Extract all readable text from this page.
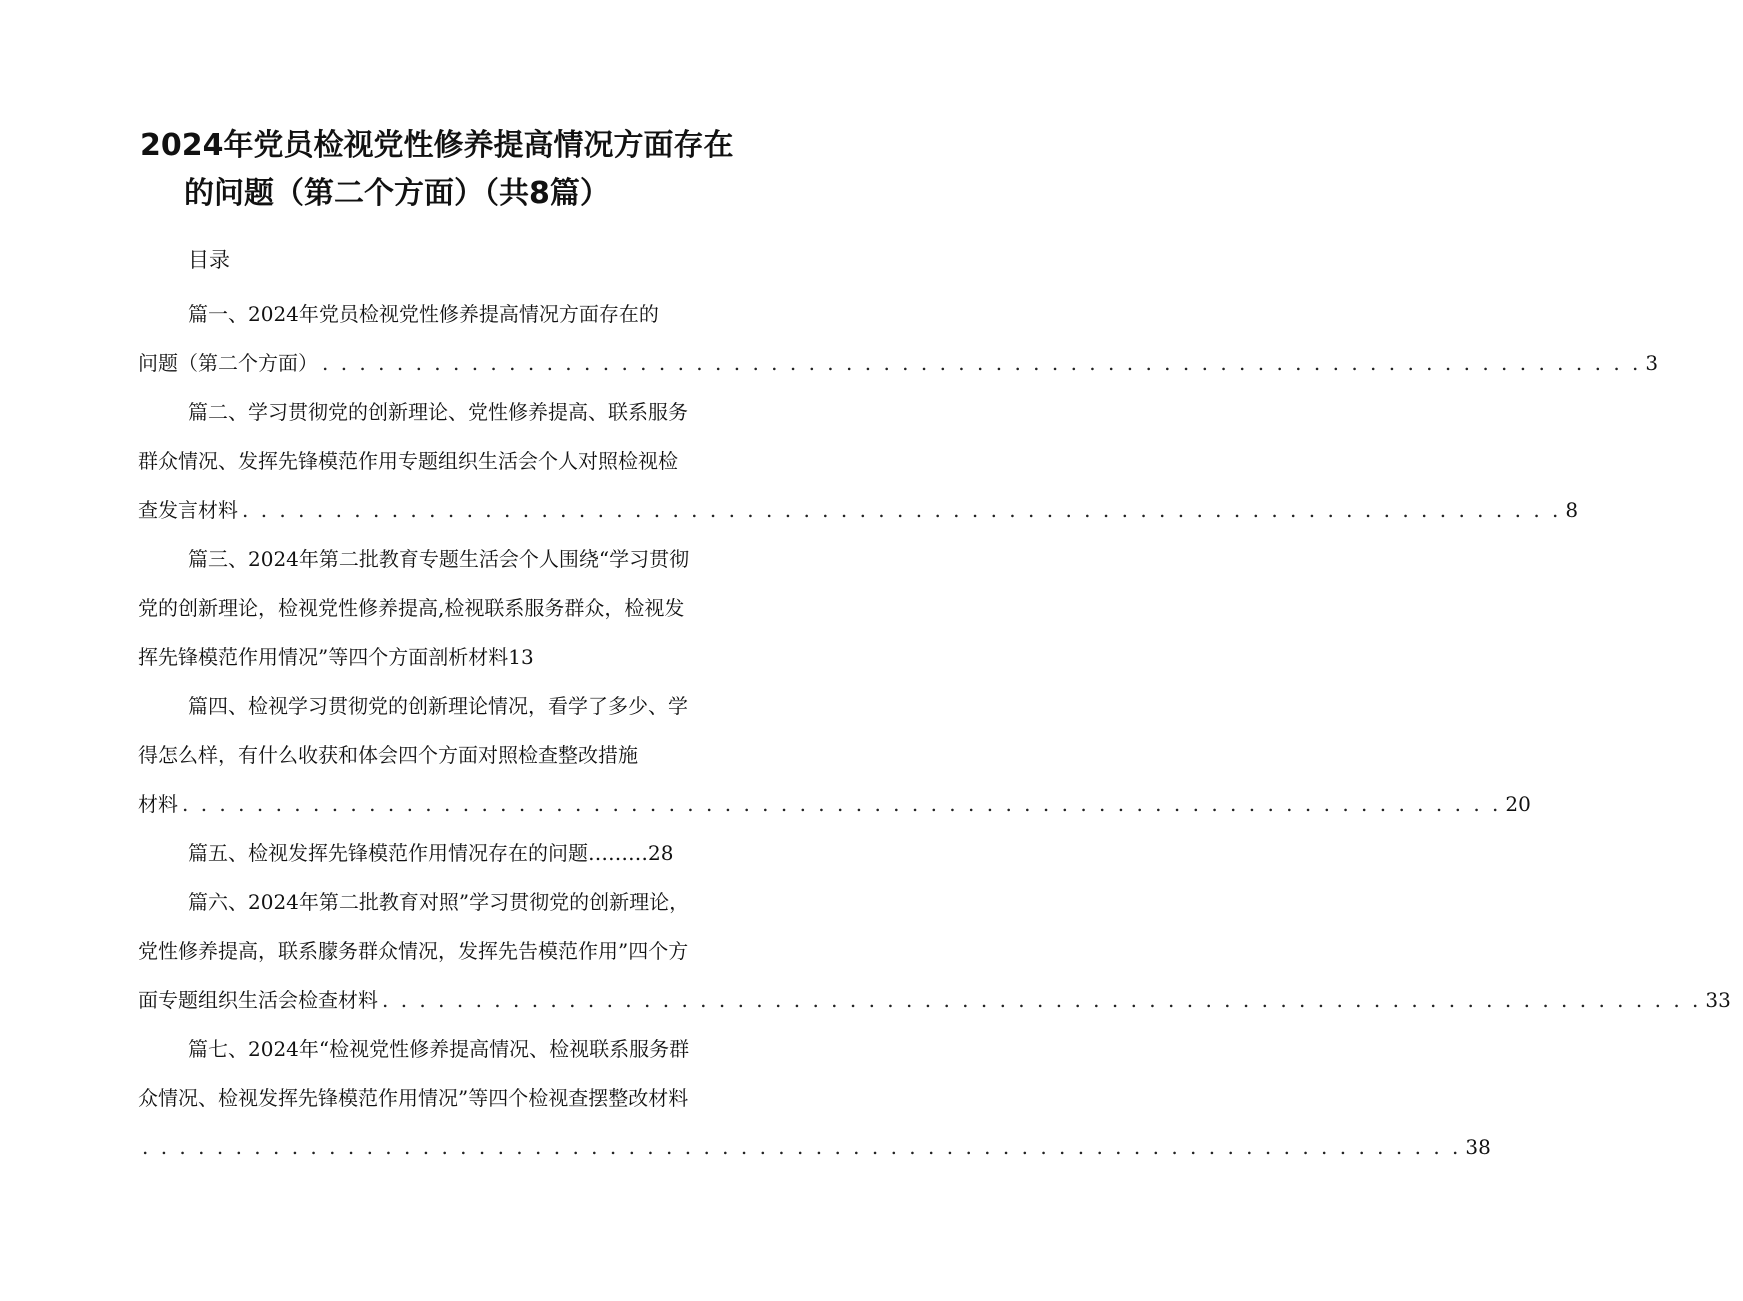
2024年党员检视党性修养提高情况方面存在
的问题（第二个方面）（共8篇）
目录
篇一、2024年党员检视党性修养提高情况方面存在的
问题（第二个方面） . . . . . . . . . . . . . . . . . . . . . . . . . . . . . . . . . . . . . . . . . . . . . . . . . . . . . . . . . . . . . . . . . . . . . . . 3
篇二、学习贯彻党的创新理论、党性修养提高、联系服务
群众情况、发挥先锋模范作用专题组织生活会个人对照检视检
查发言材料 . . . . . . . . . . . . . . . . . . . . . . . . . . . . . . . . . . . . . . . . . . . . . . . . . . . . . . . . . . . . . . . . . . . . . . . 8
篇三、2024年第二批教育专题生活会个人围绕“学习贯彻
党的创新理论，检视党性修养提高,检视联系服务群众，检视发
挥先锋模范作用情况”等四个方面剖析材料13
篇四、检视学习贯彻党的创新理论情况，看学了多少、学
得怎么样，有什么收获和体会四个方面对照检查整改措施
材料 . . . . . . . . . . . . . . . . . . . . . . . . . . . . . . . . . . . . . . . . . . . . . . . . . . . . . . . . . . . . . . . . . . . . . . . 20
篇五、检视发挥先锋模范作用情况存在的问题………28
篇六、2024年第二批教育对照”学习贯彻党的创新理论，
党性修养提高，联系朦务群众情况，发挥先告模范作用”四个方
面专题组织生活会检查材料 . . . . . . . . . . . . . . . . . . . . . . . . . . . . . . . . . . . . . . . . . . . . . . . . . . . . . . . . . . . . . . . . . . . . . . . 33
篇七、2024年“检视党性修养提高情况、检视联系服务群
众情况、检视发挥先锋模范作用情况”等四个检视查摆整改材料
. . . . . . . . . . . . . . . . . . . . . . . . . . . . . . . . . . . . . . . . . . . . . . . . . . . . . . . . . . . . . . . . . . . . . . . 38
